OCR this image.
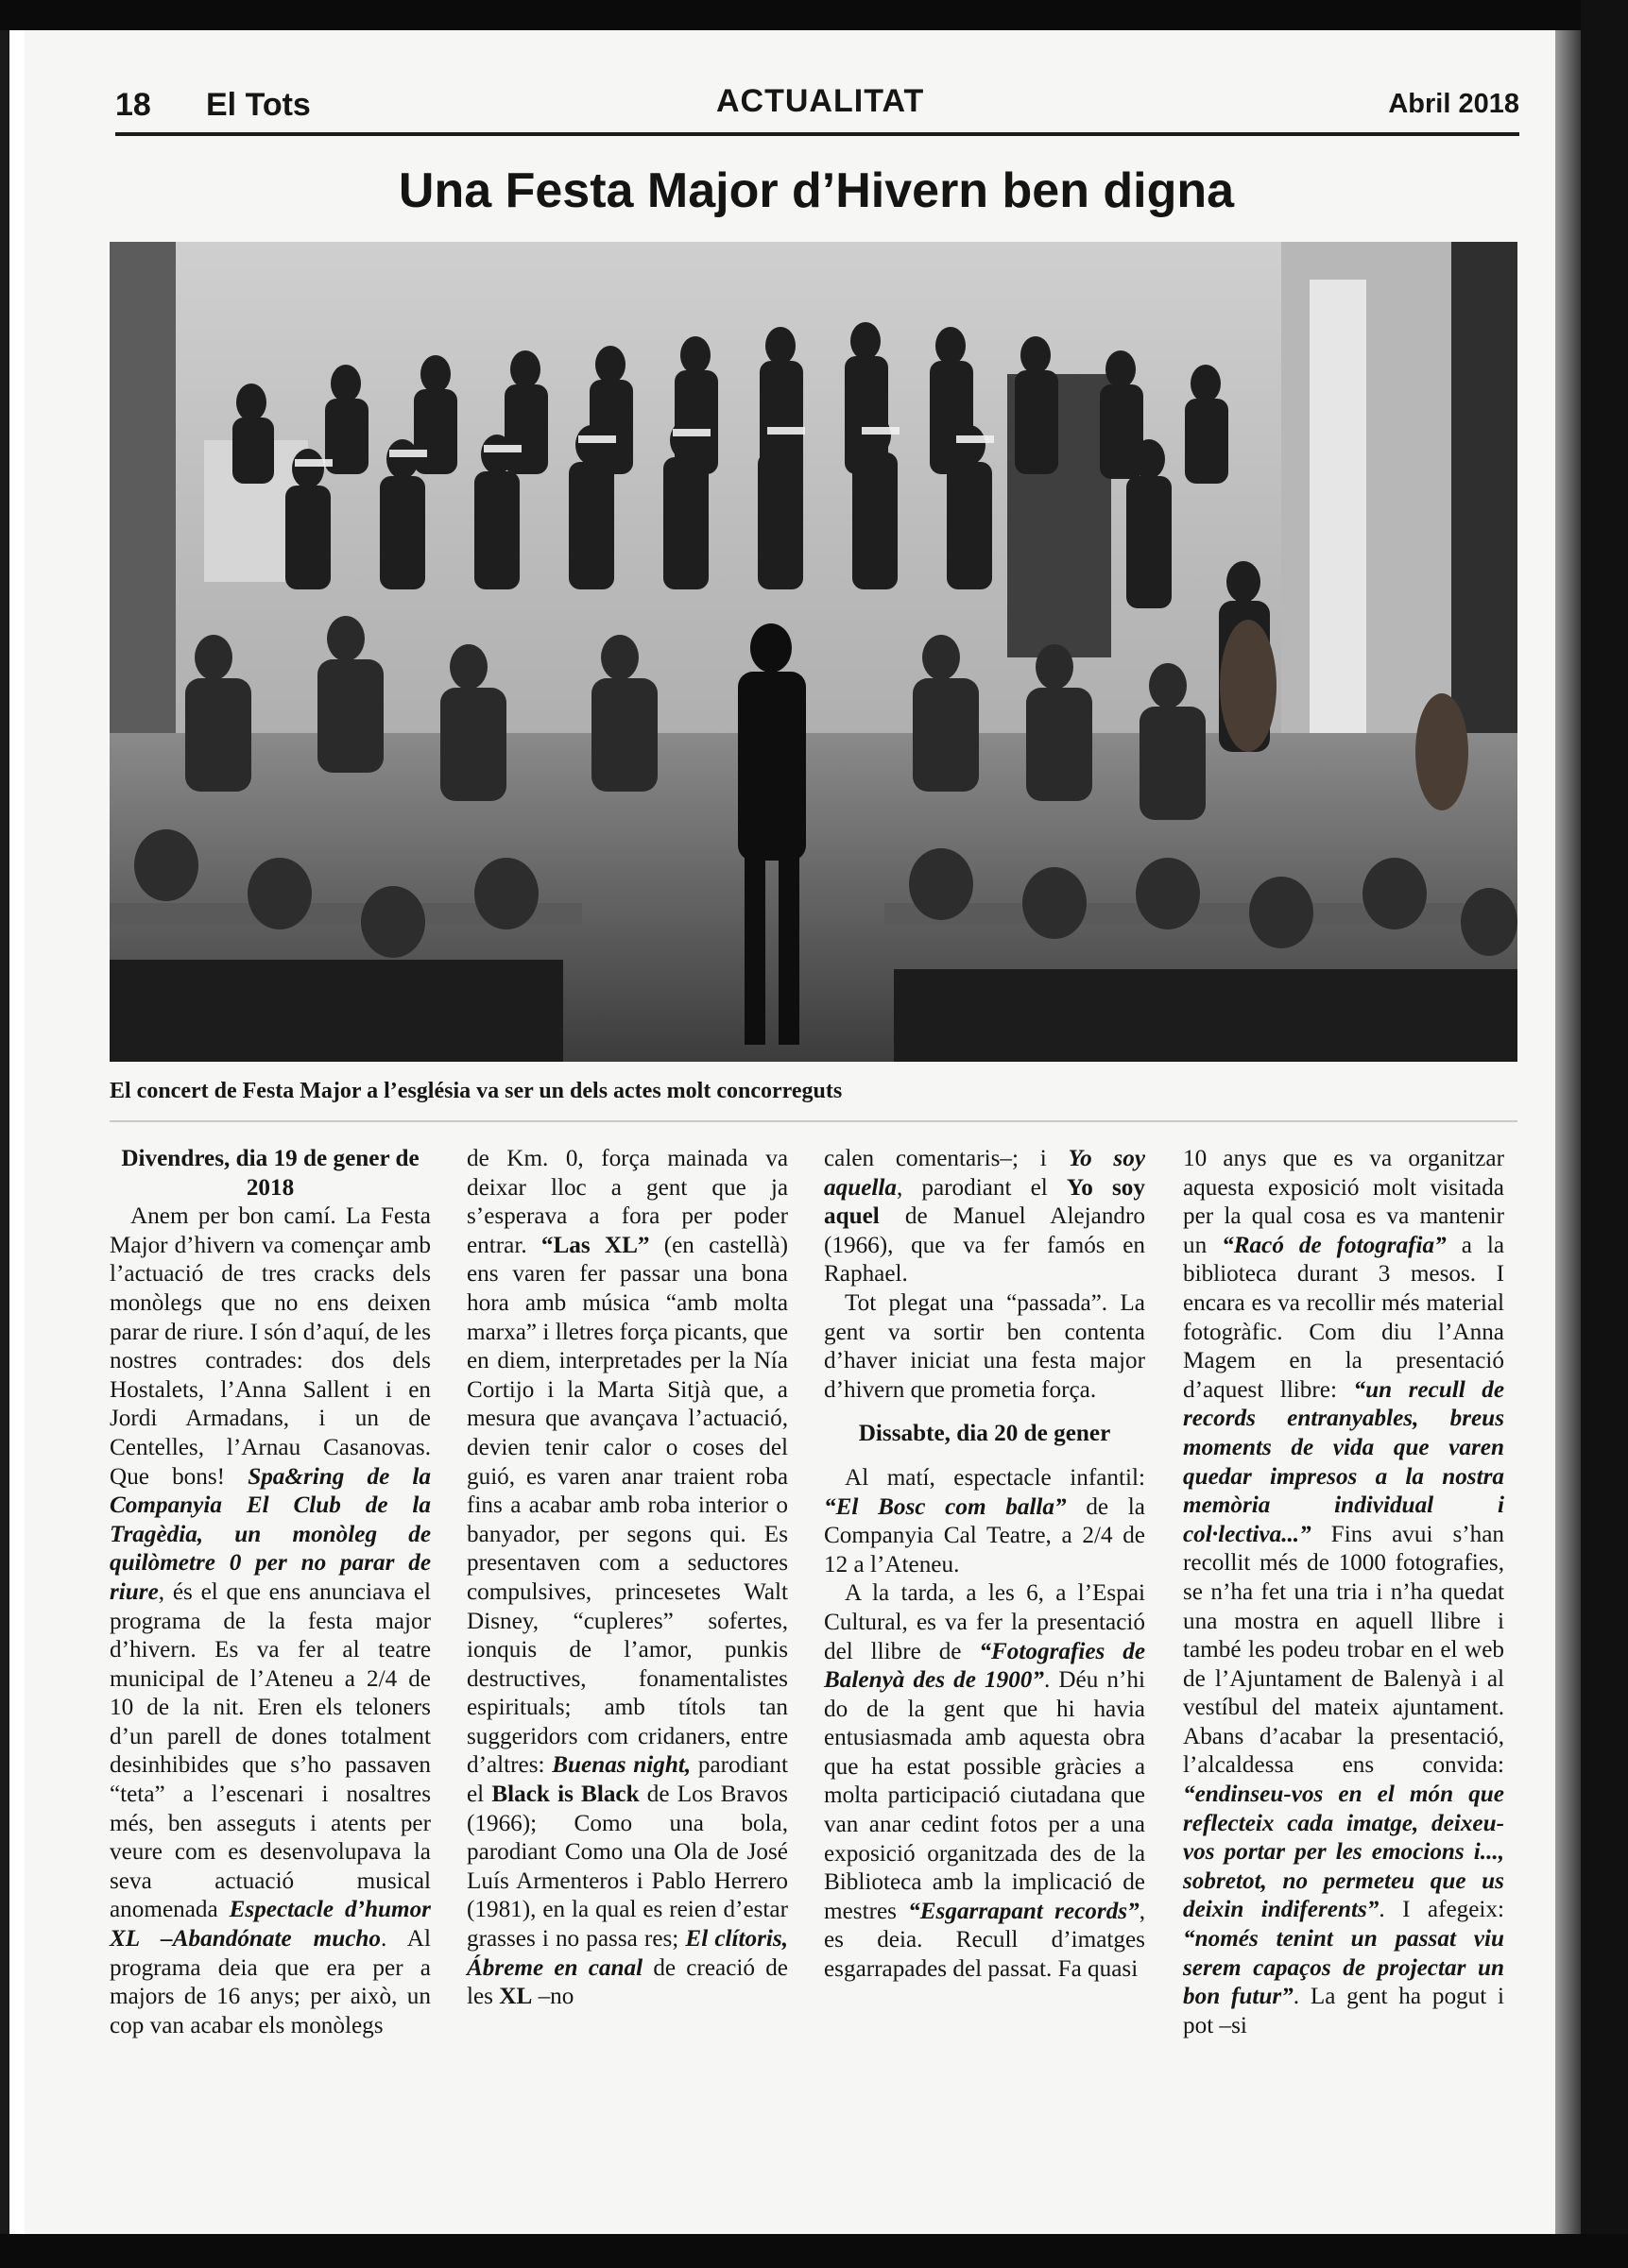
18 El Tots	ACTUALITAT	Abril 2018
Una Festa Major d’Hivern ben digna
El concert de Festa Major a l’església va ser un dels actes molt concorreguts

Divendres, dia 19 de gener de 2018

Anem per bon camí. La Festa Major d’hivern va començar amb l’actuació de tres cracks dels monòlegs que no ens deixen parar de riure. I són d’aquí, de les nostres contrades: dos dels Hostalets, l’Anna Sallent i en Jordi Armadans, i un de Centelles, l’Arnau Casanovas. Que bons! Spa&ring de la Companyia El Club de la Tragèdia, un monòleg de quilòmetre 0 per no parar de riure, és el que ens anunciava el programa de la festa major d’hivern. Es va fer al teatre municipal de l’Ateneu a 2/4 de 10 de la nit. Eren els teloners d’un parell de dones totalment desinhibides que s’ho passaven “teta” a l’escenari i nosaltres més, ben asseguts i atents per veure com es desenvolupava la seva actuació musical anomenada Espectacle d’humor XL –Abandónate mucho. Al programa deia que era per a majors de 16 anys; per això, un cop van acabar els monòlegs

de Km. 0, força mainada va deixar lloc a gent que ja s’esperava a fora per poder entrar. “Las XL” (en castellà) ens varen fer passar una bona hora amb música “amb molta marxa” i lletres força picants, que en diem, interpretades per la Nía Cortijo i la Marta Sitjà que, a mesura que avançava l’actuació, devien tenir calor o coses del guió, es varen anar traient roba fins a acabar amb roba interior o banyador, per segons qui. Es presentaven com a seductores compulsives, princesetes Walt Disney, “cupleres” sofertes, ionquis de l’amor, punkis destructives, fonamentalistes espirituals; amb títols tan suggeridors com cridaners, entre d’altres: Buenas night, parodiant el Black is Black de Los Bravos (1966); Como una bola, parodiant Como una Ola de José Luís Armenteros i Pablo Herrero (1981), en la qual es reien d’estar grasses i no passa res; El clítoris, Ábreme en canal de creació de les XL –no

calen comentaris–; i Yo soy aquella, parodiant el Yo soy aquel de Manuel Alejandro (1966), que va fer famós en Raphael.

Tot plegat una “passada”. La gent va sortir ben contenta d’haver iniciat una festa major d’hivern que prometia força.

Dissabte, dia 20 de gener

Al matí, espectacle infantil: “El Bosc com balla” de la Companyia Cal Teatre, a 2/4 de 12 a l’Ateneu.

A la tarda, a les 6, a l’Espai Cultural, es va fer la presentació del llibre de “Fotografies de Balenyà des de 1900”. Déu n’hi do de la gent que hi havia entusiasmada amb aquesta obra que ha estat possible gràcies a molta participació ciutadana que van anar cedint fotos per a una exposició organitzada des de la Biblioteca amb la implicació de mestres “Esgarrapant records”, es deia. Recull d’imatges esgarrapades del passat. Fa quasi

10 anys que es va organitzar aquesta exposició molt visitada per la qual cosa es va mantenir un “Racó de fotografia” a la biblioteca durant 3 mesos. I encara es va recollir més material fotogràfic. Com diu l’Anna Magem en la presentació d’aquest llibre: “un recull de records entranyables, breus moments de vida que varen quedar impresos a la nostra memòria individual i col·lectiva...” Fins avui s’han recollit més de 1000 fotografies, se n’ha fet una tria i n’ha quedat una mostra en aquell llibre i també les podeu trobar en el web de l’Ajuntament de Balenyà i al vestíbul del mateix ajuntament. Abans d’acabar la presentació, l’alcaldessa ens convida: “endinseu-vos en el món que reflecteix cada imatge, deixeu-vos portar per les emocions i..., sobretot, no permeteu que us deixin indiferents”. I afegeix: “només tenint un passat viu serem capaços de projectar un bon futur”. La gent ha pogut i pot –si
